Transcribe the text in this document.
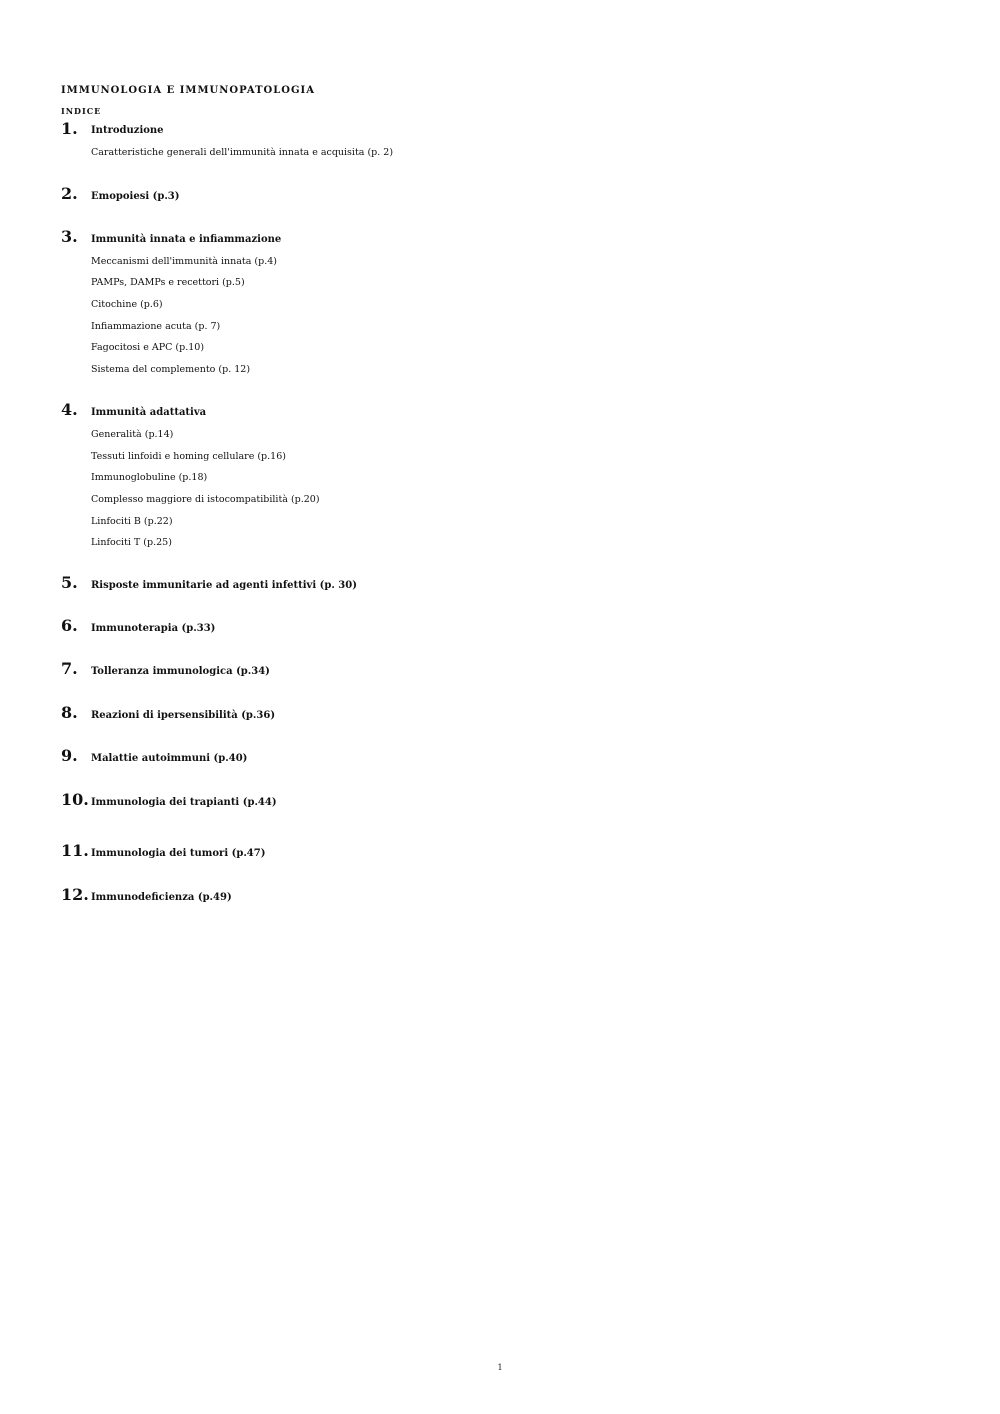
IMMUNOLOGIA E IMMUNOPATOLOGIA
INDICE
1. Introduzione
Caratteristiche generali dell'immunità innata e acquisita (p. 2)
2. Emopoiesi (p.3)
3. Immunità innata e infiammazione
Meccanismi dell'immunità innata (p.4)
PAMPs, DAMPs e recettori (p.5)
Citochine (p.6)
Infiammazione acuta (p. 7)
Fagocitosi e APC (p.10)
Sistema del complemento (p. 12)
4. Immunità adattativa
Generalità (p.14)
Tessuti linfoidi e homing cellulare (p.16)
Immunoglobuline (p.18)
Complesso maggiore di istocompatibilità (p.20)
Linfociti B (p.22)
Linfociti T (p.25)
5. Risposte immunitarie ad agenti infettivi (p. 30)
6. Immunoterapia (p.33)
7. Tolleranza immunologica (p.34)
8. Reazioni di ipersensibilità (p.36)
9. Malattie autoimmuni (p.40)
10. Immunologia dei trapianti (p.44)
11. Immunologia dei tumori (p.47)
12. Immunodeficienza (p.49)
1
